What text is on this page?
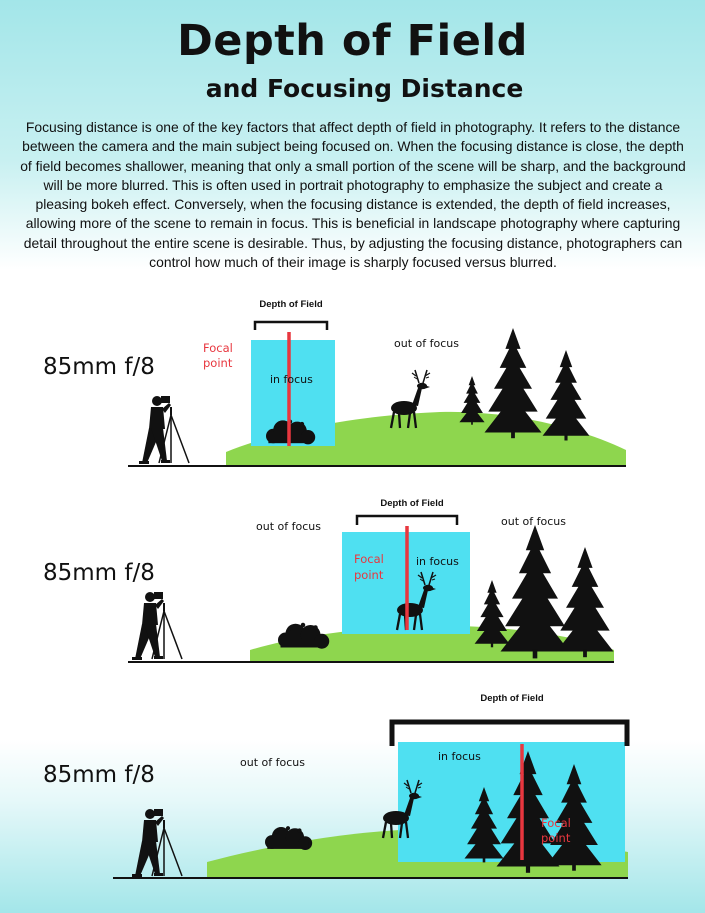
Depth of Field
and Focusing Distance

Focusing distance is one of the key factors that affect depth of field in photography. It refers to the distance between the camera and the main subject being focused on. When the focusing distance is close, the depth of field becomes shallower, meaning that only a small portion of the scene will be sharp, and the background will be more blurred. This is often used in portrait photography to emphasize the subject and create a pleasing bokeh effect. Conversely, when the focusing distance is extended, the depth of field increases, allowing more of the scene to remain in focus. This is beneficial in landscape photography where capturing detail throughout the entire scene is desirable. Thus, by adjusting the focusing distance, photographers can control how much of their image is sharply focused versus blurred.

85mm f/8
Depth of Field
Focal
point
in focus
out of focus
85mm f/8
Depth of Field
Focal
point
in focus
out of focus	out of focus
85mm f/8
Depth of Field
Focal
point
in focus
out of focus
